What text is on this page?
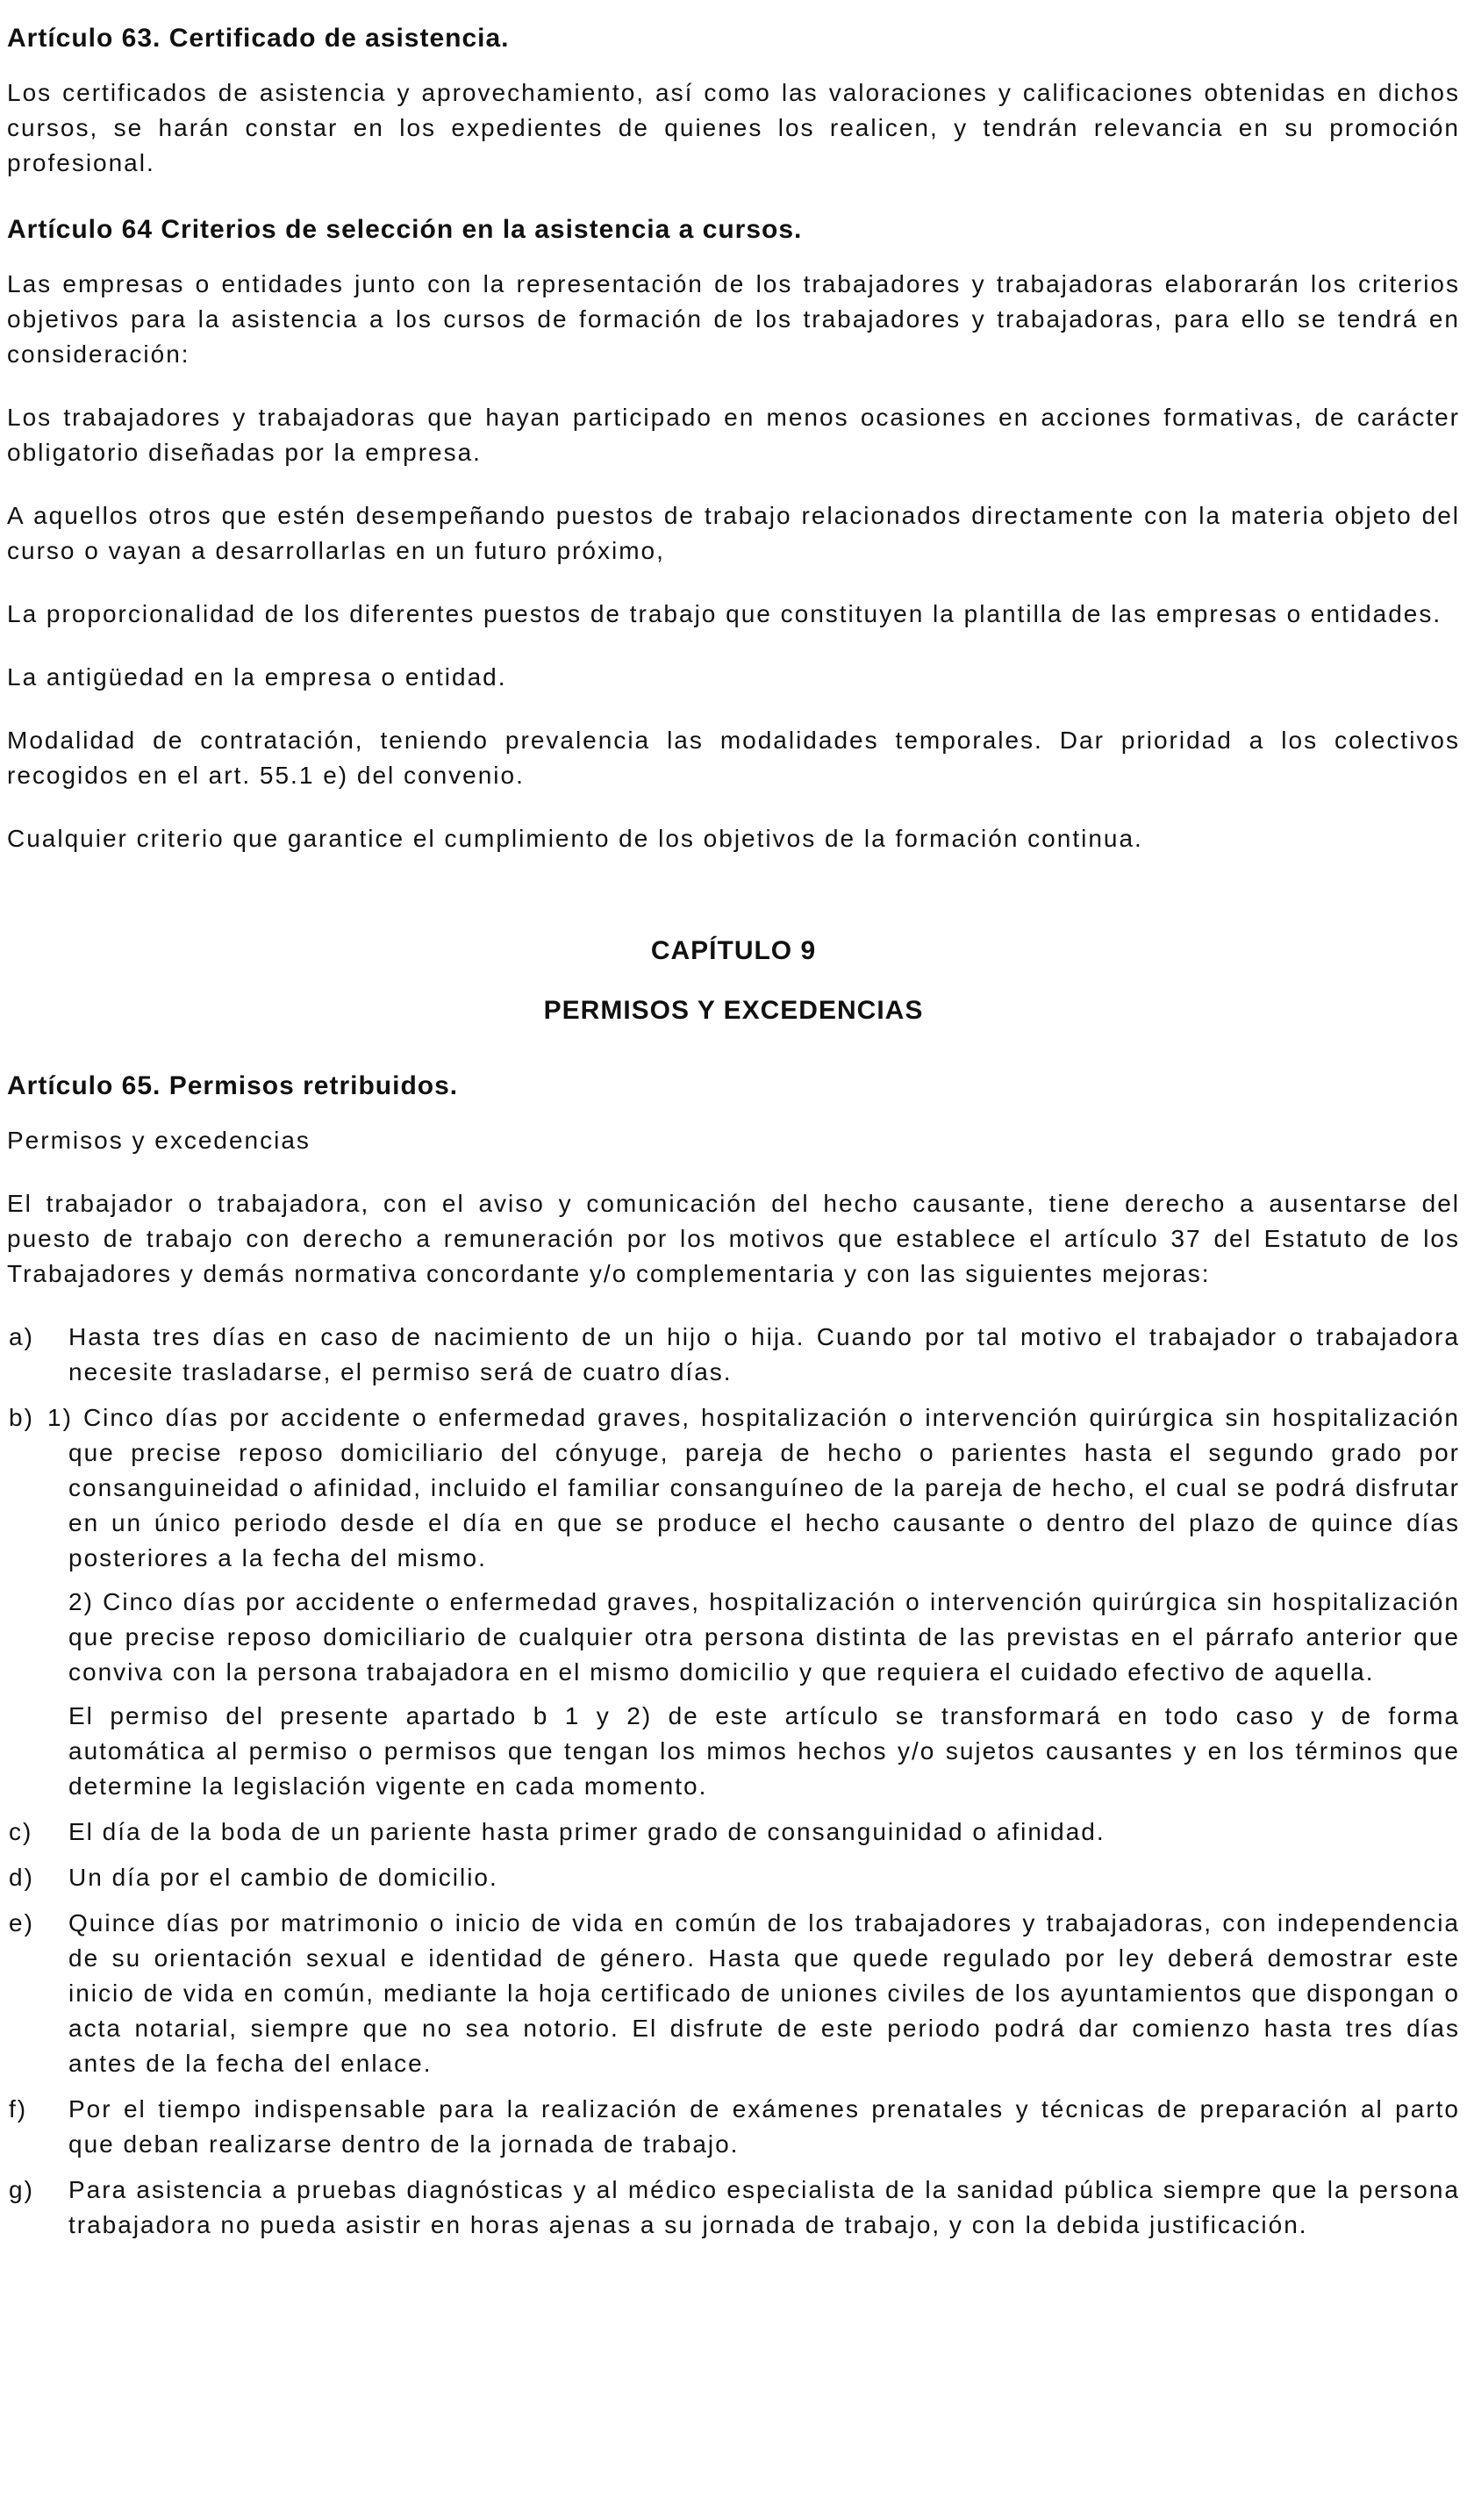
Artículo 63. Certificado de asistencia.

Los certificados de asistencia y aprovechamiento, así como las valoraciones y calificaciones obtenidas en dichos cursos, se harán constar en los expedientes de quienes los realicen, y tendrán relevancia en su promoción profesional.

Artículo 64 Criterios de selección en la asistencia a cursos.

Las empresas o entidades junto con la representación de los trabajadores y trabajadoras elaborarán los criterios objetivos para la asistencia a los cursos de formación de los trabajadores y trabajadoras, para ello se tendrá en consideración:

Los trabajadores y trabajadoras que hayan participado en menos ocasiones en acciones formativas, de carácter obligatorio diseñadas por la empresa.

A aquellos otros que estén desempeñando puestos de trabajo relacionados directamente con la materia objeto del curso o vayan a desarrollarlas en un futuro próximo,

La proporcionalidad de los diferentes puestos de trabajo que constituyen la plantilla de las empresas o entidades.

La antigüedad en la empresa o entidad.

Modalidad de contratación, teniendo prevalencia las modalidades temporales. Dar prioridad a los colectivos recogidos en el art. 55.1 e) del convenio.

Cualquier criterio que garantice el cumplimiento de los objetivos de la formación continua.

CAPÍTULO 9
PERMISOS Y EXCEDENCIAS
Artículo 65. Permisos retribuidos.

Permisos y excedencias

El trabajador o trabajadora, con el aviso y comunicación del hecho causante, tiene derecho a ausentarse del puesto de trabajo con derecho a remuneración por los motivos que establece el artículo 37 del Estatuto de los Trabajadores y demás normativa concordante y/o complementaria y con las siguientes mejoras:

a) Hasta tres días en caso de nacimiento de un hijo o hija. Cuando por tal motivo el trabajador o trabajadora necesite trasladarse, el permiso será de cuatro días.
b) 1) Cinco días por accidente o enfermedad graves, hospitalización o intervención quirúrgica sin hospitalización que precise reposo domiciliario del cónyuge, pareja de hecho o parientes hasta el segundo grado por consanguineidad o afinidad, incluido el familiar consanguíneo de la pareja de hecho, el cual se podrá disfrutar en un único periodo desde el día en que se produce el hecho causante o dentro del plazo de quince días posteriores a la fecha del mismo.

2) Cinco días por accidente o enfermedad graves, hospitalización o intervención quirúrgica sin hospitalización que precise reposo domiciliario de cualquier otra persona distinta de las previstas en el párrafo anterior que conviva con la persona trabajadora en el mismo domicilio y que requiera el cuidado efectivo de aquella.

El permiso del presente apartado b 1 y 2) de este artículo se transformará en todo caso y de forma automática al permiso o permisos que tengan los mimos hechos y/o sujetos causantes y en los términos que determine la legislación vigente en cada momento.

c) El día de la boda de un pariente hasta primer grado de consanguinidad o afinidad.
d) Un día por el cambio de domicilio.
e) Quince días por matrimonio o inicio de vida en común de los trabajadores y trabajadoras, con independencia de su orientación sexual e identidad de género. Hasta que quede regulado por ley deberá demostrar este inicio de vida en común, mediante la hoja certificado de uniones civiles de los ayuntamientos que dispongan o acta notarial, siempre que no sea notorio. El disfrute de este periodo podrá dar comienzo hasta tres días antes de la fecha del enlace.
f) Por el tiempo indispensable para la realización de exámenes prenatales y técnicas de preparación al parto que deban realizarse dentro de la jornada de trabajo.
g) Para asistencia a pruebas diagnósticas y al médico especialista de la sanidad pública siempre que la persona trabajadora no pueda asistir en horas ajenas a su jornada de trabajo, y con la debida justificación.
